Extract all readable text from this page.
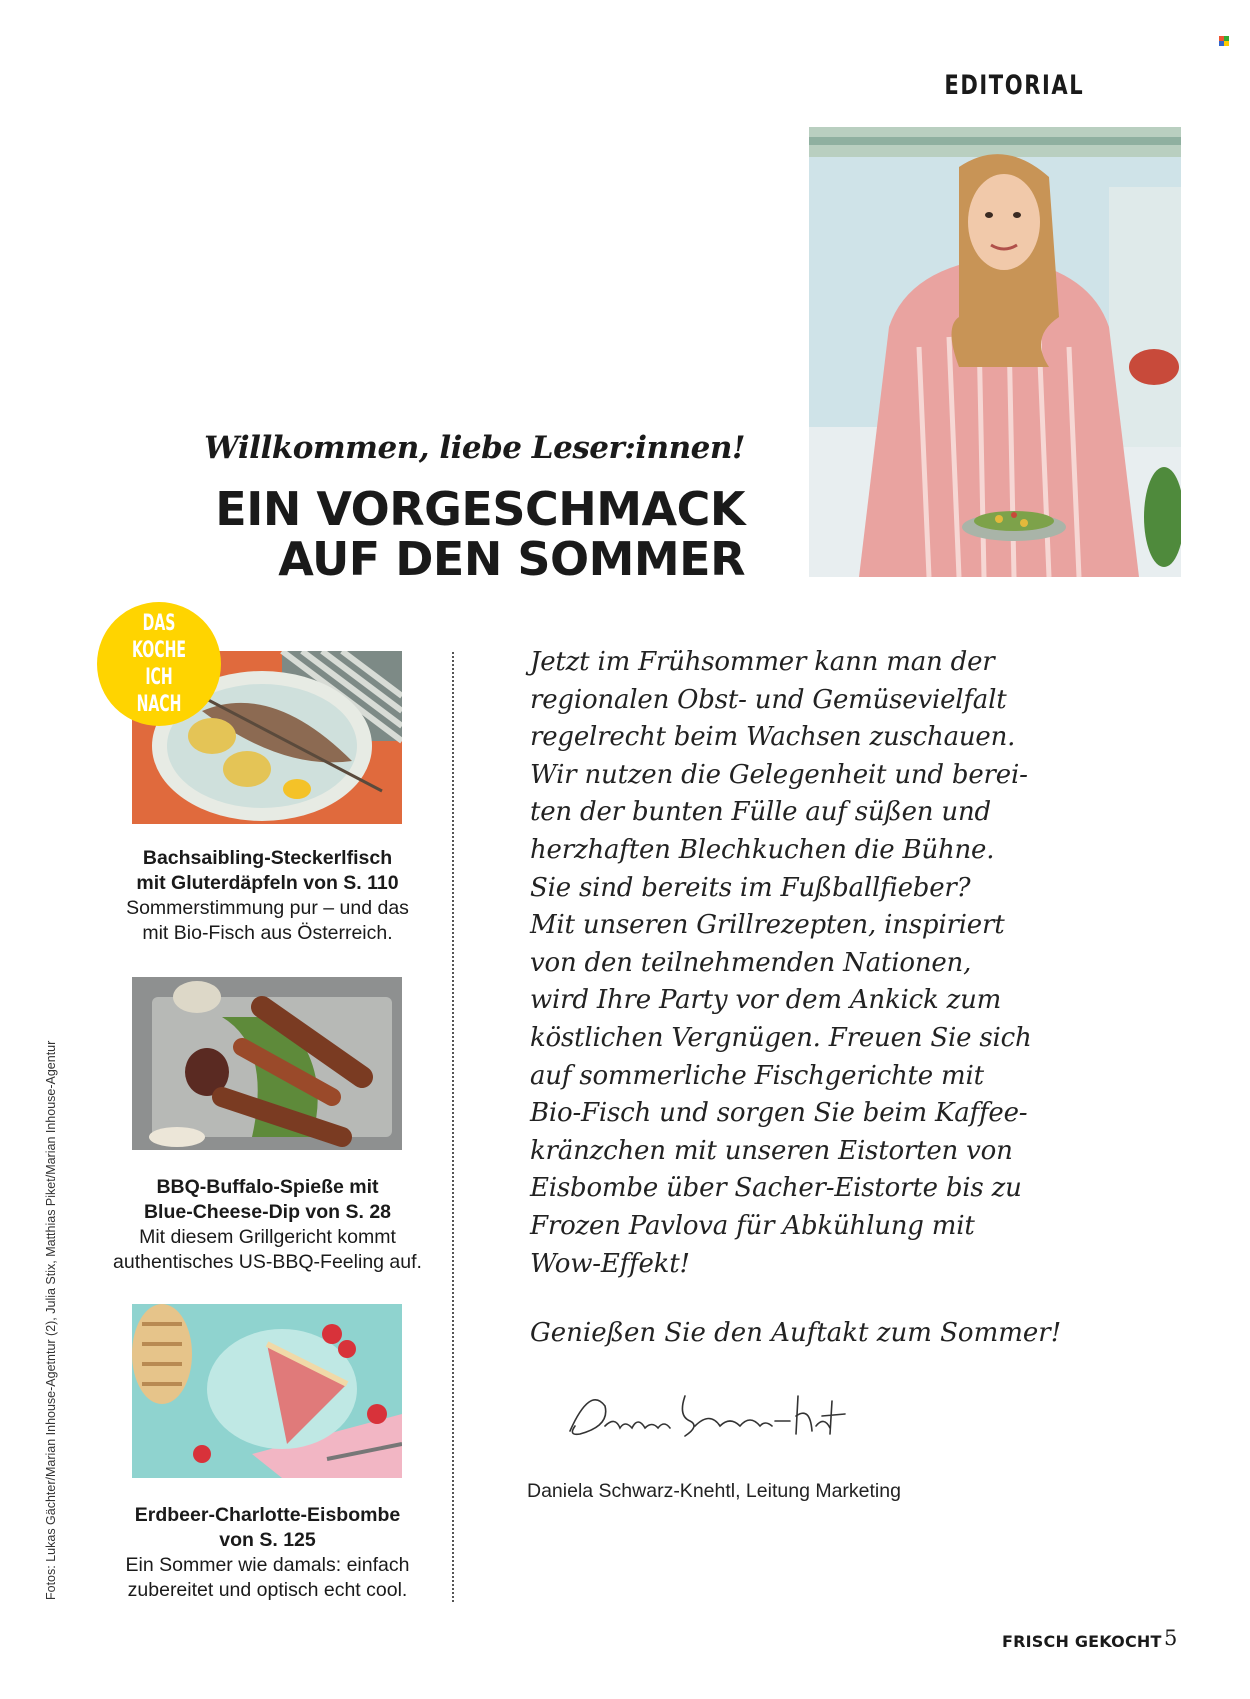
EDITORIAL
Willkommen, liebe Leser:innen!
EIN VORGESCHMACK
AUF DEN SOMMER
DAS
KOCHE ICH
NACH
Bachsaibling-Steckerlfisch
mit Gluterdäpfeln von S. 110
Sommerstimmung pur – und das
mit Bio-Fisch aus Österreich.
BBQ-Buffalo-Spieße mit
Blue-Cheese-Dip von S. 28
Mit diesem Grillgericht kommt
authentisches US-BBQ-Feeling auf.
Erdbeer-Charlotte-Eisbombe
von S. 125
Ein Sommer wie damals: einfach
zubereitet und optisch echt cool.
Fotos: Lukas Gächter/Marian Inhouse-Agetntur (2), Julia Stix, Matthias Piket/Marian Inhouse-Agentur
Jetzt im Frühsommer kann man der
regionalen Obst- und Gemüsevielfalt
regelrecht beim Wachsen zuschauen.
Wir nutzen die Gelegenheit und berei-
ten der bunten Fülle auf süßen und
herzhaften Blechkuchen die Bühne.
Sie sind bereits im Fußballfieber?
Mit unseren Grillrezepten, inspiriert
von den teilnehmenden Nationen,
wird Ihre Party vor dem Ankick zum
köstlichen Vergnügen. Freuen Sie sich
auf sommerliche Fischgerichte mit
Bio-Fisch und sorgen Sie beim Kaffee-
kränzchen mit unseren Eistorten von
Eisbombe über Sacher-Eistorte bis zu
Frozen Pavlova für Abkühlung mit
Wow-Effekt!
Genießen Sie den Auftakt zum Sommer!
Daniela Schwarz-Knehtl, Leitung Marketing
FRISCH GEKOCHT 5
